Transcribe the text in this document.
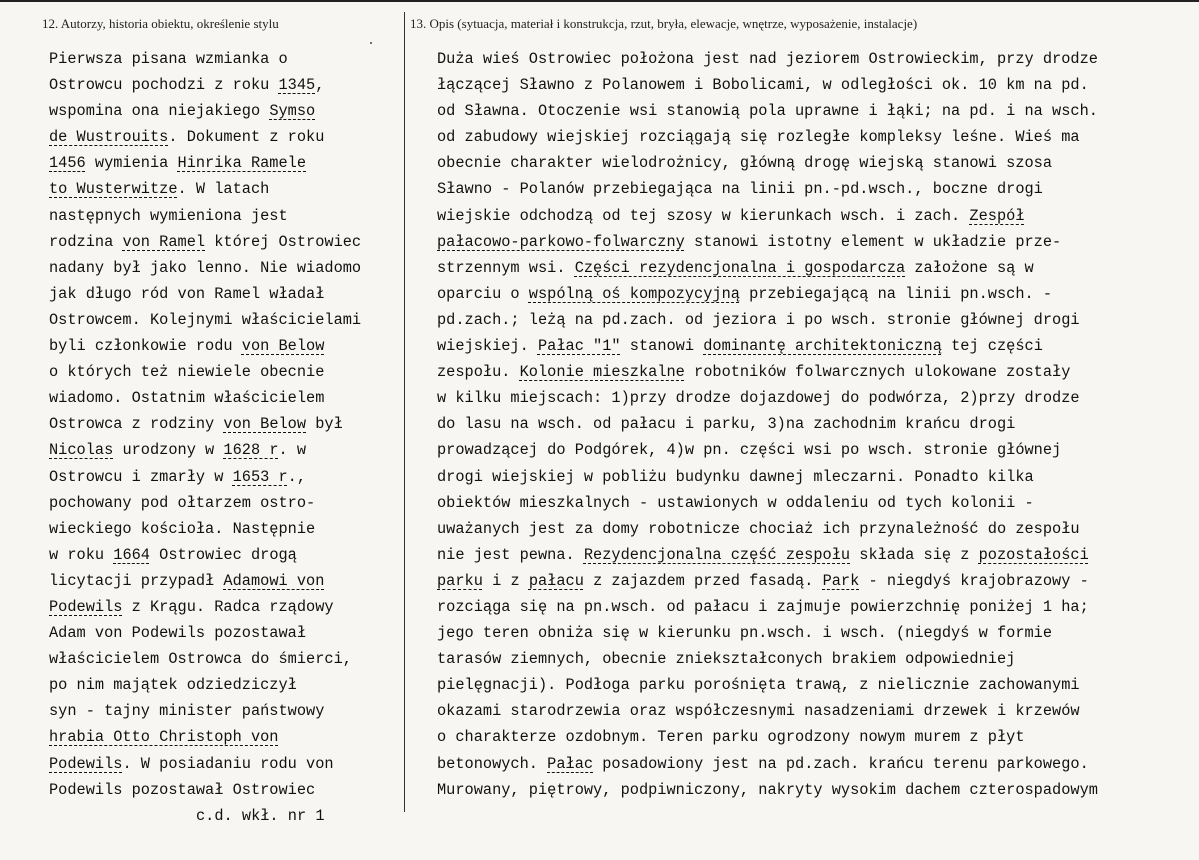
12. Autorzy, historia obiektu, określenie stylu	13. Opis (sytuacja, materiał i konstrukcja, rzut, bryła, elewacje, wnętrze, wyposażenie, instalacje)
Pierwsza pisana wzmianka o
Ostrowcu pochodzi z roku 1345,
wspomina ona niejakiego Symso
de Wustrouits. Dokument z roku
1456 wymienia Hinrika Ramele
to Wusterwitze. W latach
następnych wymieniona jest
rodzina von Ramel której Ostrowiec
nadany był jako lenno. Nie wiadomo
jak długo ród von Ramel władał
Ostrowcem. Kolejnymi właścicielami
byli członkowie rodu von Below
o których też niewiele obecnie
wiadomo. Ostatnim właścicielem
Ostrowca z rodziny von Below był
Nicolas urodzony w 1628 r. w
Ostrowcu i zmarły w 1653 r.,
pochowany pod ołtarzem ostro-
wieckiego kościoła. Następnie
w roku 1664 Ostrowiec drogą
licytacji przypadł Adamowi von
Podewils z Krągu. Radca rządowy
Adam von Podewils pozostawał
właścicielem Ostrowca do śmierci,
po nim majątek odziedziczył
syn - tajny minister państwowy
hrabia Otto Christoph von
Podewils. W posiadaniu rodu von
Podewils pozostawał Ostrowiec
Duża wieś Ostrowiec położona jest nad jeziorem Ostrowieckim, przy drodze
łączącej Sławno z Polanowem i Bobolicami, w odległości ok. 10 km na pd.
od Sławna. Otoczenie wsi stanowią pola uprawne i łąki; na pd. i na wsch.
od zabudowy wiejskiej rozciągają się rozległe kompleksy leśne. Wieś ma
obecnie charakter wielodrożnicy, główną drogę wiejską stanowi szosa
Sławno - Polanów przebiegająca na linii pn.-pd.wsch., boczne drogi
wiejskie odchodzą od tej szosy w kierunkach wsch. i zach. Zespół
pałacowo-parkowo-folwarczny stanowi istotny element w układzie prze-
strzennym wsi. Części rezydencjonalna i gospodarcza założone są w
oparciu o wspólną oś kompozycyjną przebiegającą na linii pn.wsch. -
pd.zach.; leżą na pd.zach. od jeziora i po wsch. stronie głównej drogi
wiejskiej. Pałac "1" stanowi dominantę architektoniczną tej części
zespołu. Kolonie mieszkalne robotników folwarcznych ulokowane zostały
w kilku miejscach: 1)przy drodze dojazdowej do podwórza, 2)przy drodze
do lasu na wsch. od pałacu i parku, 3)na zachodnim krańcu drogi
prowadzącej do Podgórek, 4)w pn. części wsi po wsch. stronie głównej
drogi wiejskiej w pobliżu budynku dawnej mleczarni. Ponadto kilka
obiektów mieszkalnych - ustawionych w oddaleniu od tych kolonii -
uważanych jest za domy robotnicze chociaż ich przynależność do zespołu
nie jest pewna. Rezydencjonalna część zespołu składa się z pozostałości
parku i z pałacu z zajazdem przed fasadą. Park - niegdyś krajobrazowy -
rozciąga się na pn.wsch. od pałacu i zajmuje powierzchnię poniżej 1 ha;
jego teren obniża się w kierunku pn.wsch. i wsch. (niegdyś w formie
tarasów ziemnych, obecnie zniekształconych brakiem odpowiedniej
pielęgnacji). Podłoga parku porośnięta trawą, z nielicznie zachowanymi
okazami starodrzewia oraz współczesnymi nasadzeniami drzewek i krzewów
o charakterze ozdobnym. Teren parku ogrodzony nowym murem z płyt
betonowych. Pałac posadowiony jest na pd.zach. krańcu terenu parkowego.
Murowany, piętrowy, podpiwniczony, nakryty wysokim dachem czterospadowym
c.d. wkł. nr 1
